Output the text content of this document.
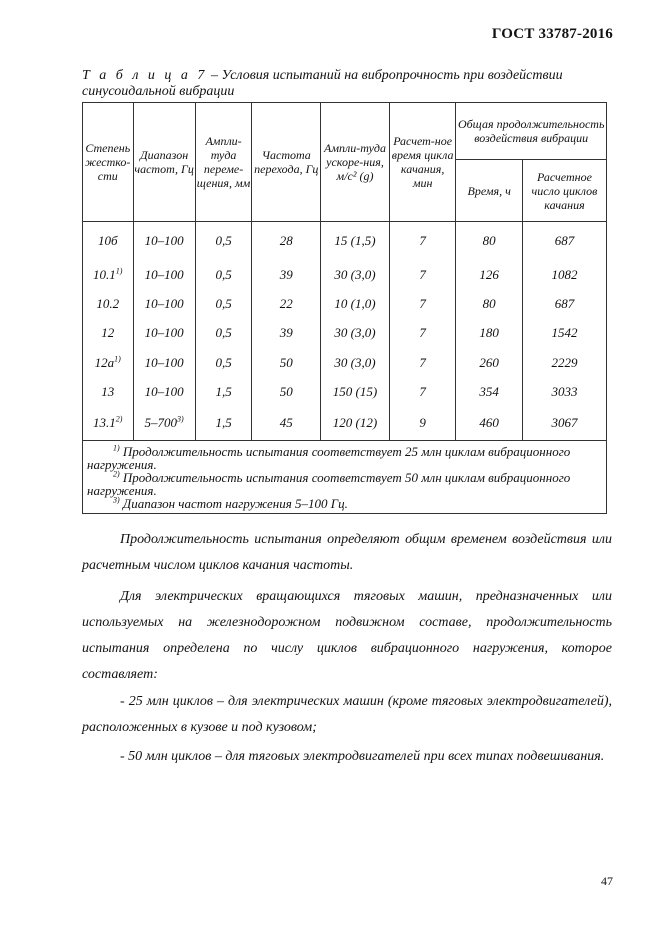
ГОСТ 33787-2016
Т а б л и ц а 7 – Условия испытаний на вибропрочность при воздействии синусоидальной вибрации
Степень жестко-сти	Диапазон частот, Гц	Ампли-туда переме-щения, мм	Частота перехода, Гц	Ампли-туда ускоре-ния, м/с² (g)	Расчет-ное время цикла качания, мин	Общая продолжительность воздействия вибрации	
						Время, ч	Расчетное число циклов качания
10б	10–100	0,5	28	15 (1,5)	7	80	687
10.1$^{1)}$	10–100	0,5	39	30 (3,0)	7	126	1082
10.2	10–100	0,5	22	10 (1,0)	7	80	687
12	10–100	0,5	39	30 (3,0)	7	180	1542
$12а^{1)}$	10–100	0,5	50	30 (3,0)	7	260	2229
13	10–100	1,5	50	150 (15)	7	354	3033
13.1$^{2)}$	5–700$^{3)}$	1,5	45	120 (12)	9	460	3067

$^{1)}$ Продолжительность испытания соответствует 25 млн циклам вибрационного нагружения.
$^{2)}$ Продолжительность испытания соответствует 50 млн циклам вибрационного нагружения.
$^{3)}$ Диапазон частот нагружения 5–100 Гц.							
Продолжительность испытания определяют общим временем воздействия или расчетным числом циклов качания частоты.
Для электрических вращающихся тяговых машин, предназначенных или используемых на железнодорожном подвижном составе, продолжительность испытания определена по числу циклов вибрационного нагружения, которое составляет:
- 25 млн циклов – для электрических машин (кроме тяговых электродвигателей), расположенных в кузове и под кузовом;
- 50 млн циклов – для тяговых электродвигателей при всех типах подвешивания.
47
